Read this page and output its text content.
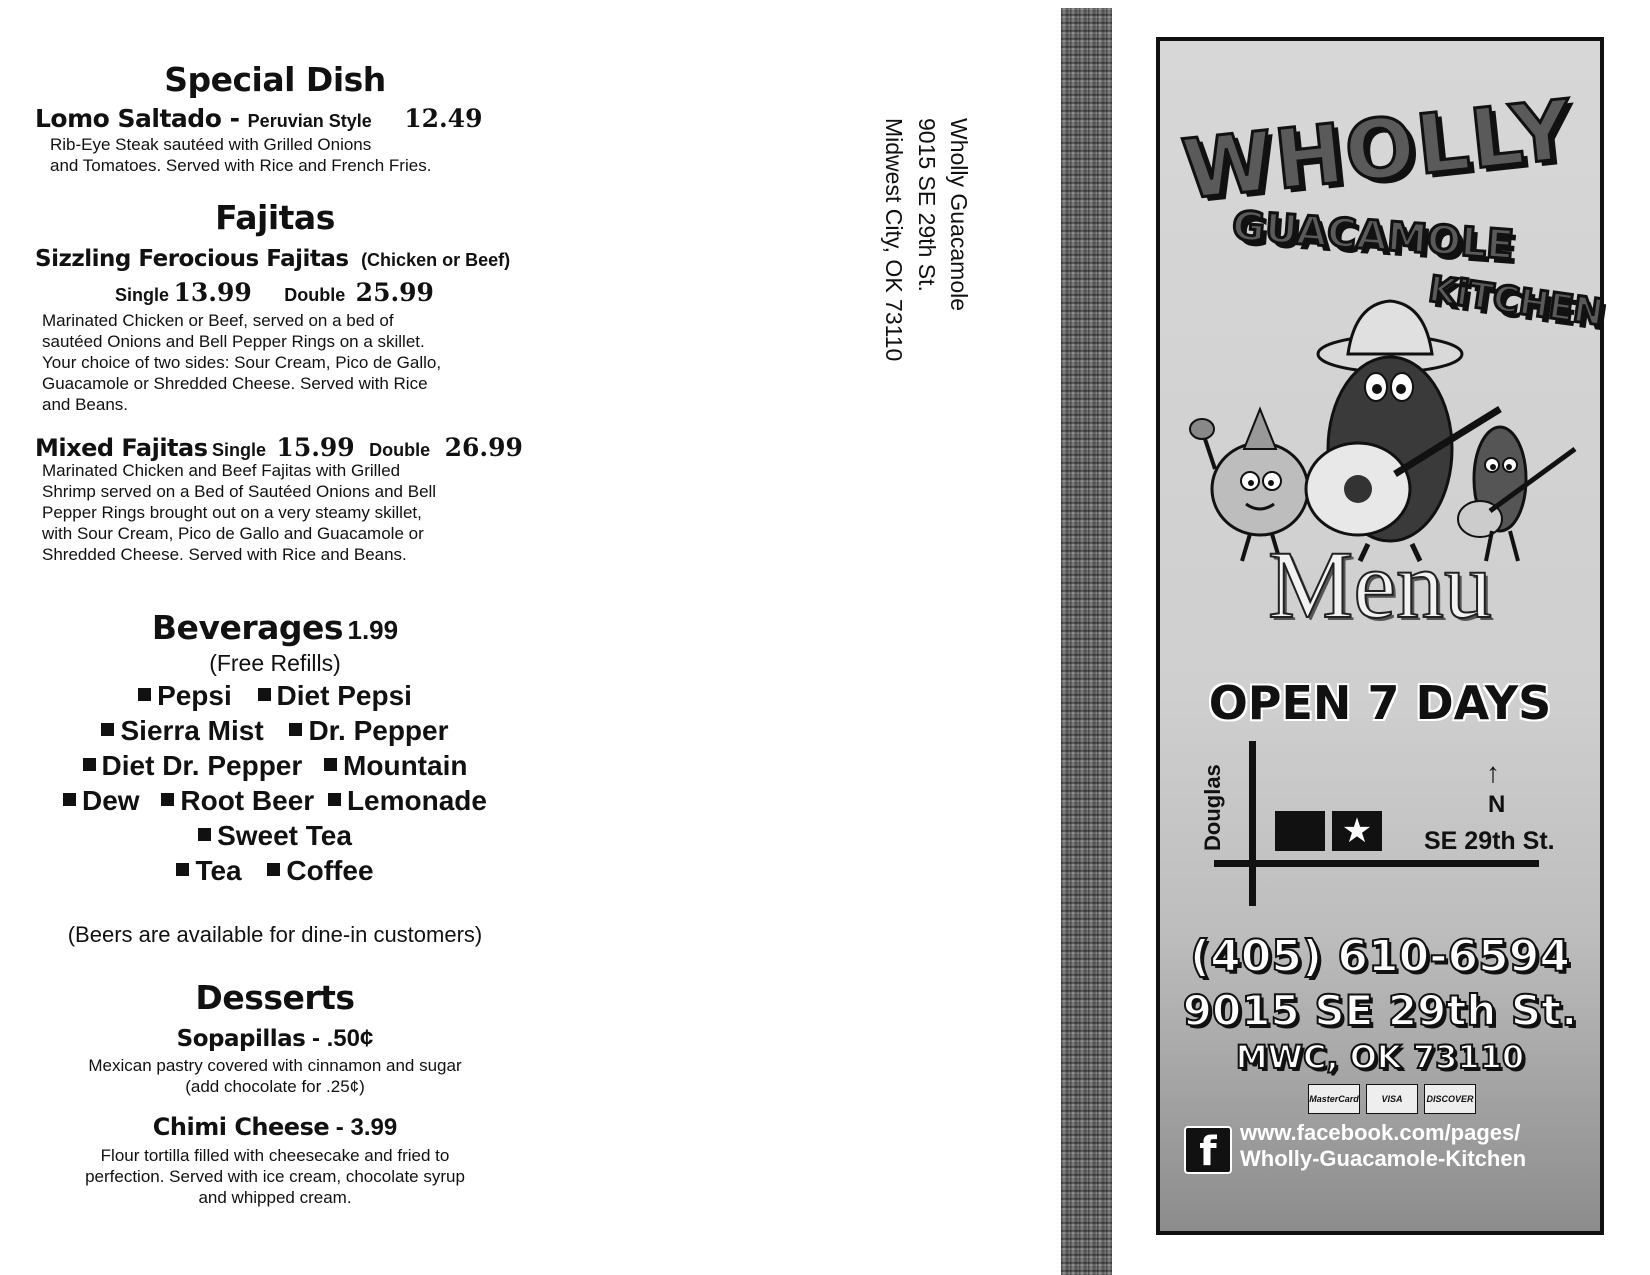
Special Dish
Lomo Saltado - Peruvian Style 12.49
Rib-Eye Steak sautéed with Grilled Onions
and Tomatoes. Served with Rice and French Fries.
Fajitas
Sizzling Ferocious Fajitas (Chicken or Beef)
Single 13.99 Double 25.99
Marinated Chicken or Beef, served on a bed of
sautéed Onions and Bell Pepper Rings on a skillet.
Your choice of two sides: Sour Cream, Pico de Gallo,
Guacamole or Shredded Cheese. Served with Rice
and Beans.
Mixed Fajitas Single 15.99 Double 26.99
Marinated Chicken and Beef Fajitas with Grilled
Shrimp served on a Bed of Sautéed Onions and Bell
Pepper Rings brought out on a very steamy skillet,
with Sour Cream, Pico de Gallo and Guacamole or
Shredded Cheese. Served with Rice and Beans.
Beverages 1.99
(Free Refills)
Pepsi Diet Pepsi
Sierra Mist Dr. Pepper
Diet Dr. Pepper Mountain
Dew Root Beer Lemonade
Sweet Tea
Tea Coffee
(Beers are available for dine-in customers)
Desserts
Sopapillas - .50¢
Mexican pastry covered with cinnamon and sugar
(add chocolate for .25¢)
Chimi Cheese - 3.99
Flour tortilla filled with cheesecake and fried to
perfection. Served with ice cream, chocolate syrup
and whipped cream.
Wholly Guacamole
9015 SE 29th St.
Midwest City, OK 73110	WHOLLY
GUACAMOLE
KiTCHEN
Menu
OPEN 7 DAYS
Douglas	★
↑
N
SE 29th St.
(405) 610-6594
9015 SE 29th St.
MWC, OK 73110
MasterCard	VISA	DISCOVER
f	www.facebook.com/pages/
Wholly-Guacamole-Kitchen
